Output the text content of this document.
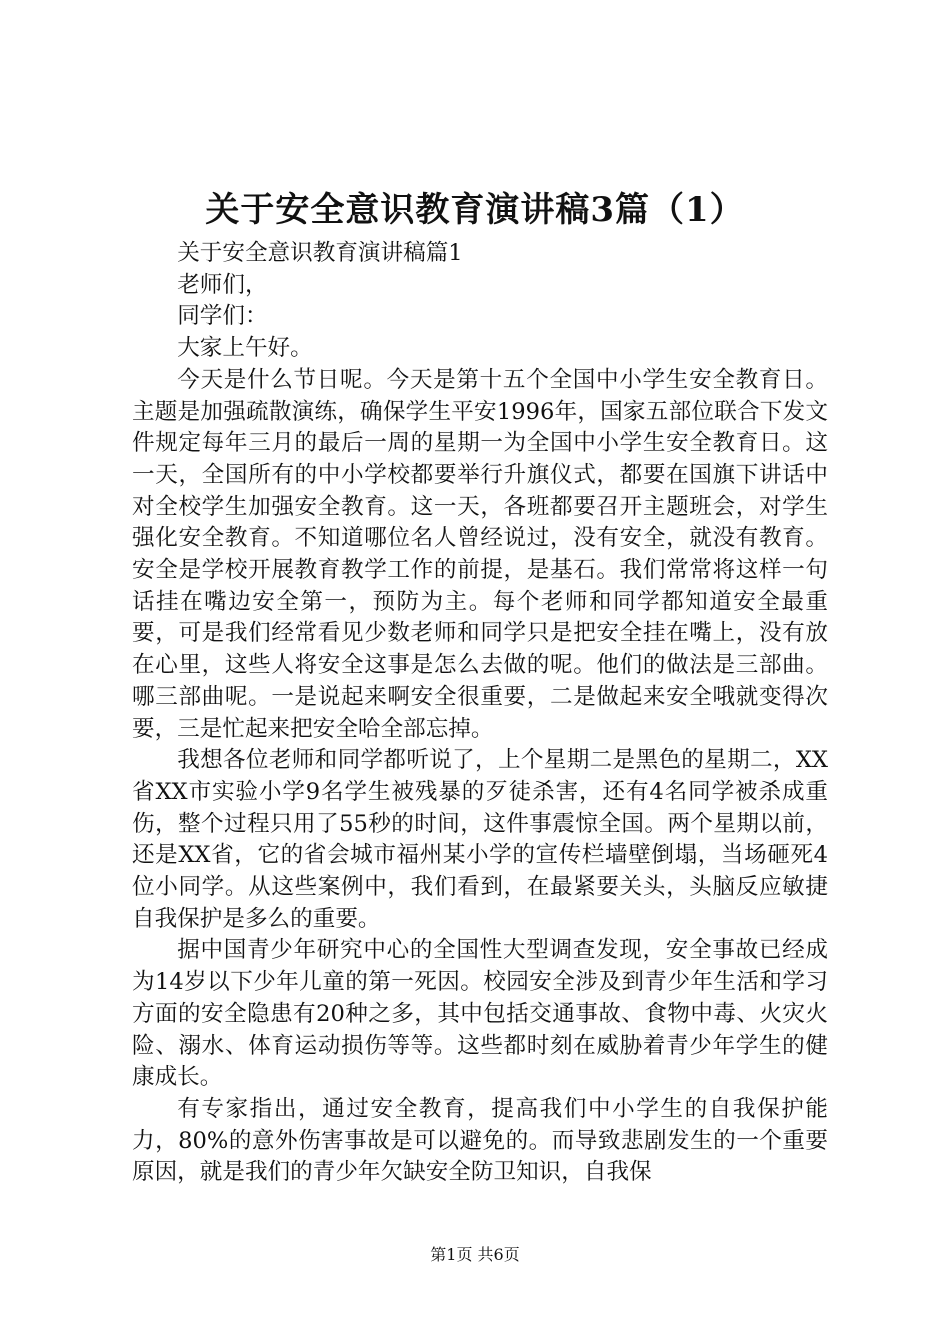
关于安全意识教育演讲稿3篇（1）

关于安全意识教育演讲稿篇1

老师们，

同学们：

大家上午好。

今天是什么节日呢。今天是第十五个全国中小学生安全教育日。主题是加强疏散演练，确保学生平安1996年，国家五部位联合下发文件规定每年三月的最后一周的星期一为全国中小学生安全教育日。这一天，全国所有的中小学校都要举行升旗仪式，都要在国旗下讲话中对全校学生加强安全教育。这一天，各班都要召开主题班会，对学生强化安全教育。不知道哪位名人曾经说过，没有安全，就没有教育。安全是学校开展教育教学工作的前提，是基石。我们常常将这样一句话挂在嘴边安全第一，预防为主。每个老师和同学都知道安全最重要，可是我们经常看见少数老师和同学只是把安全挂在嘴上，没有放在心里，这些人将安全这事是怎么去做的呢。他们的做法是三部曲。哪三部曲呢。一是说起来啊安全很重要，二是做起来安全哦就变得次要，三是忙起来把安全哈全部忘掉。

我想各位老师和同学都听说了，上个星期二是黑色的星期二，XX省XX市实验小学9名学生被残暴的歹徒杀害，还有4名同学被杀成重伤，整个过程只用了55秒的时间，这件事震惊全国。两个星期以前，还是XX省，它的省会城市福州某小学的宣传栏墙壁倒塌，当场砸死4位小同学。从这些案例中，我们看到，在最紧要关头，头脑反应敏捷自我保护是多么的重要。

据中国青少年研究中心的全国性大型调查发现，安全事故已经成为14岁以下少年儿童的第一死因。校园安全涉及到青少年生活和学习方面的安全隐患有20种之多，其中包括交通事故、食物中毒、火灾火险、溺水、体育运动损伤等等。这些都时刻在威胁着青少年学生的健康成长。

有专家指出，通过安全教育，提高我们中小学生的自我保护能力，80%的意外伤害事故是可以避免的。而导致悲剧发生的一个重要原因，就是我们的青少年欠缺安全防卫知识，自我保

第1页 共6页
